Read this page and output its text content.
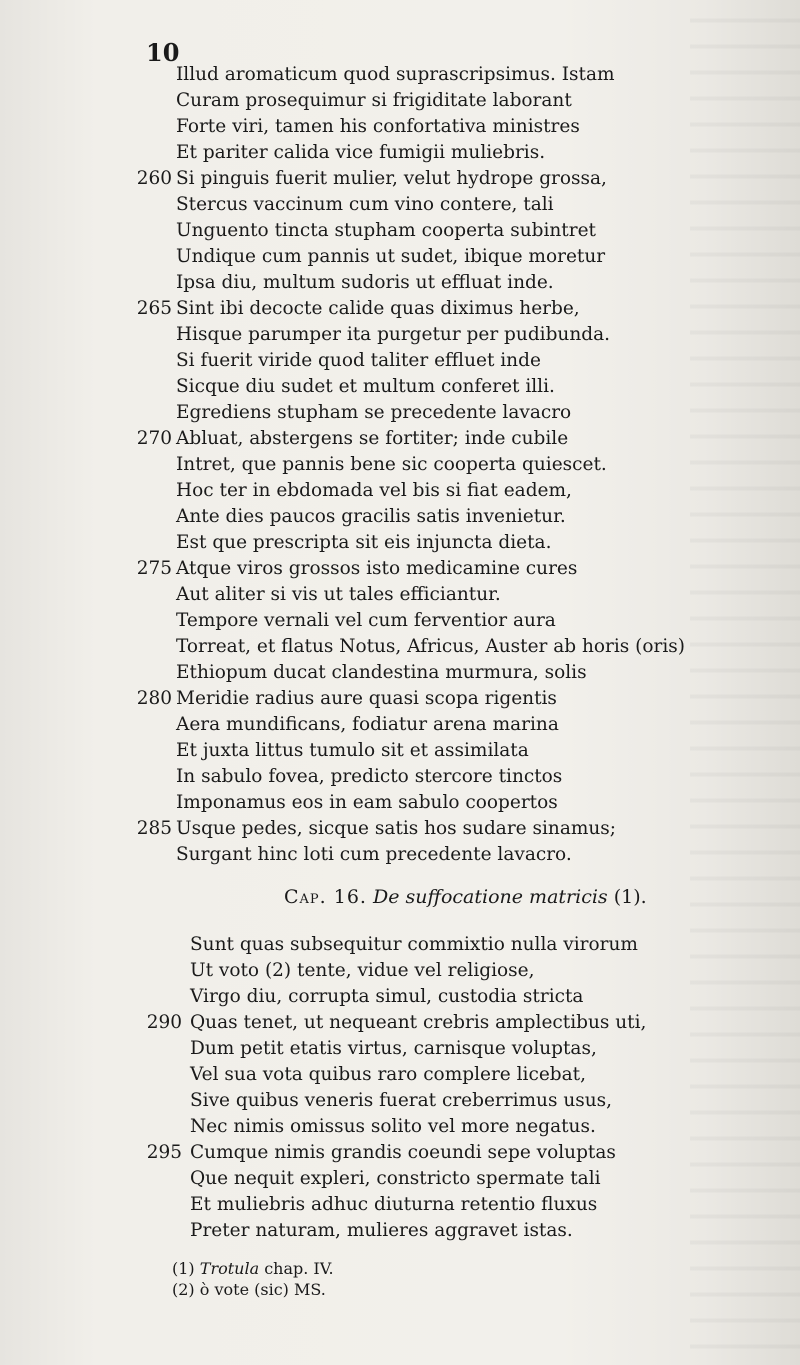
10
Illud aromaticum quod suprascripsimus. Istam
Curam prosequimur si frigiditate laborant
Forte viri, tamen his confortativa ministres
Et pariter calida vice fumigii muliebris.
260 Si pinguis fuerit mulier, velut hydrope grossa,
Stercus vaccinum cum vino contere, tali
Unguento tincta stupham cooperta subintret
Undique cum pannis ut sudet, ibique moretur
Ipsa diu, multum sudoris ut effluat inde.
265 Sint ibi decocte calide quas diximus herbe,
Hisque parumper ita purgetur per pudibunda.
Si fuerit viride quod taliter effluet inde
Sicque diu sudet et multum conferet illi.
Egrediens stupham se precedente lavacro
270 Abluat, abstergens se fortiter; inde cubile
Intret, que pannis bene sic cooperta quiescet.
Hoc ter in ebdomada vel bis si fiat eadem,
Ante dies paucos gracilis satis invenietur.
Est que prescripta sit eis injuncta dieta.
275 Atque viros grossos isto medicamine cures
Aut aliter si vis ut tales efficiantur.
Tempore vernali vel cum ferventior aura
Torreat, et flatus Notus, Africus, Auster ab horis (oris)
Ethiopum ducat clandestina murmura, solis
280 Meridie radius aure quasi scopa rigentis
Aera mundificans, fodiatur arena marina
Et juxta littus tumulo sit et assimilata
In sabulo fovea, predicto stercore tinctos
Imponamus eos in eam sabulo coopertos
285 Usque pedes, sicque satis hos sudare sinamus;
Surgant hinc loti cum precedente lavacro.
Cap. 16. De suffocatione matricis (1).
Sunt quas subsequitur commixtio nulla virorum
Ut voto (2) tente, vidue vel religiose,
Virgo diu, corrupta simul, custodia stricta
290 Quas tenet, ut nequeant crebris amplectibus uti,
Dum petit etatis virtus, carnisque voluptas,
Vel sua vota quibus raro complere licebat,
Sive quibus veneris fuerat creberrimus usus,
Nec nimis omissus solito vel more negatus.
295 Cumque nimis grandis coeundi sepe voluptas
Que nequit expleri, constricto spermate tali
Et muliebris adhuc diuturna retentio fluxus
Preter naturam, mulieres aggravet istas.
(1) Trotula chap. IV.
(2) ò vote (sic) MS.
